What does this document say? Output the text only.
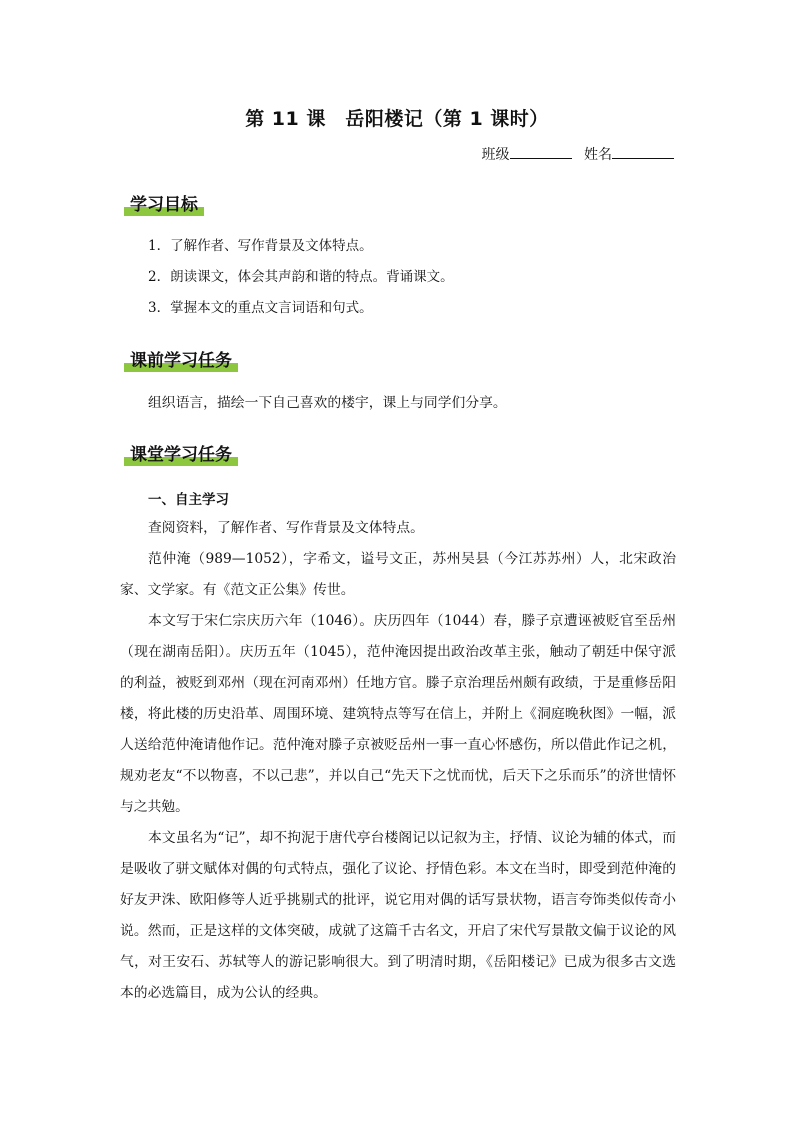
第 11 课　岳阳楼记（第 1 课时）
班级	姓名
学习目标
1．了解作者、写作背景及文体特点。
2．朗读课文，体会其声韵和谐的特点。背诵课文。
3．掌握本文的重点文言词语和句式。
课前学习任务

组织语言，描绘一下自己喜欢的楼宇，课上与同学们分享。

课堂学习任务
一、自主学习

查阅资料，了解作者、写作背景及文体特点。

范仲淹（989—1052），字希文，谥号文正，苏州吴县（今江苏苏州）人，北宋政治家、文学家。有《范文正公集》传世。

本文写于宋仁宗庆历六年（1046）。庆历四年（1044）春，滕子京遭诬被贬官至岳州（现在湖南岳阳）。庆历五年（1045），范仲淹因提出政治改革主张，触动了朝廷中保守派的利益，被贬到邓州（现在河南邓州）任地方官。滕子京治理岳州颇有政绩，于是重修岳阳楼，将此楼的历史沿革、周围环境、建筑特点等写在信上，并附上《洞庭晚秋图》一幅，派人送给范仲淹请他作记。范仲淹对滕子京被贬岳州一事一直心怀感伤，所以借此作记之机，规劝老友“不以物喜，不以己悲”，并以自己“先天下之忧而忧，后天下之乐而乐”的济世情怀与之共勉。

本文虽名为“记”，却不拘泥于唐代亭台楼阁记以记叙为主，抒情、议论为辅的体式，而是吸收了骈文赋体对偶的句式特点，强化了议论、抒情色彩。本文在当时，即受到范仲淹的好友尹洙、欧阳修等人近乎挑剔式的批评，说它用对偶的话写景状物，语言夸饰类似传奇小说。然而，正是这样的文体突破，成就了这篇千古名文，开启了宋代写景散文偏于议论的风气，对王安石、苏轼等人的游记影响很大。到了明清时期，《岳阳楼记》已成为很多古文选本的必选篇目，成为公认的经典。
